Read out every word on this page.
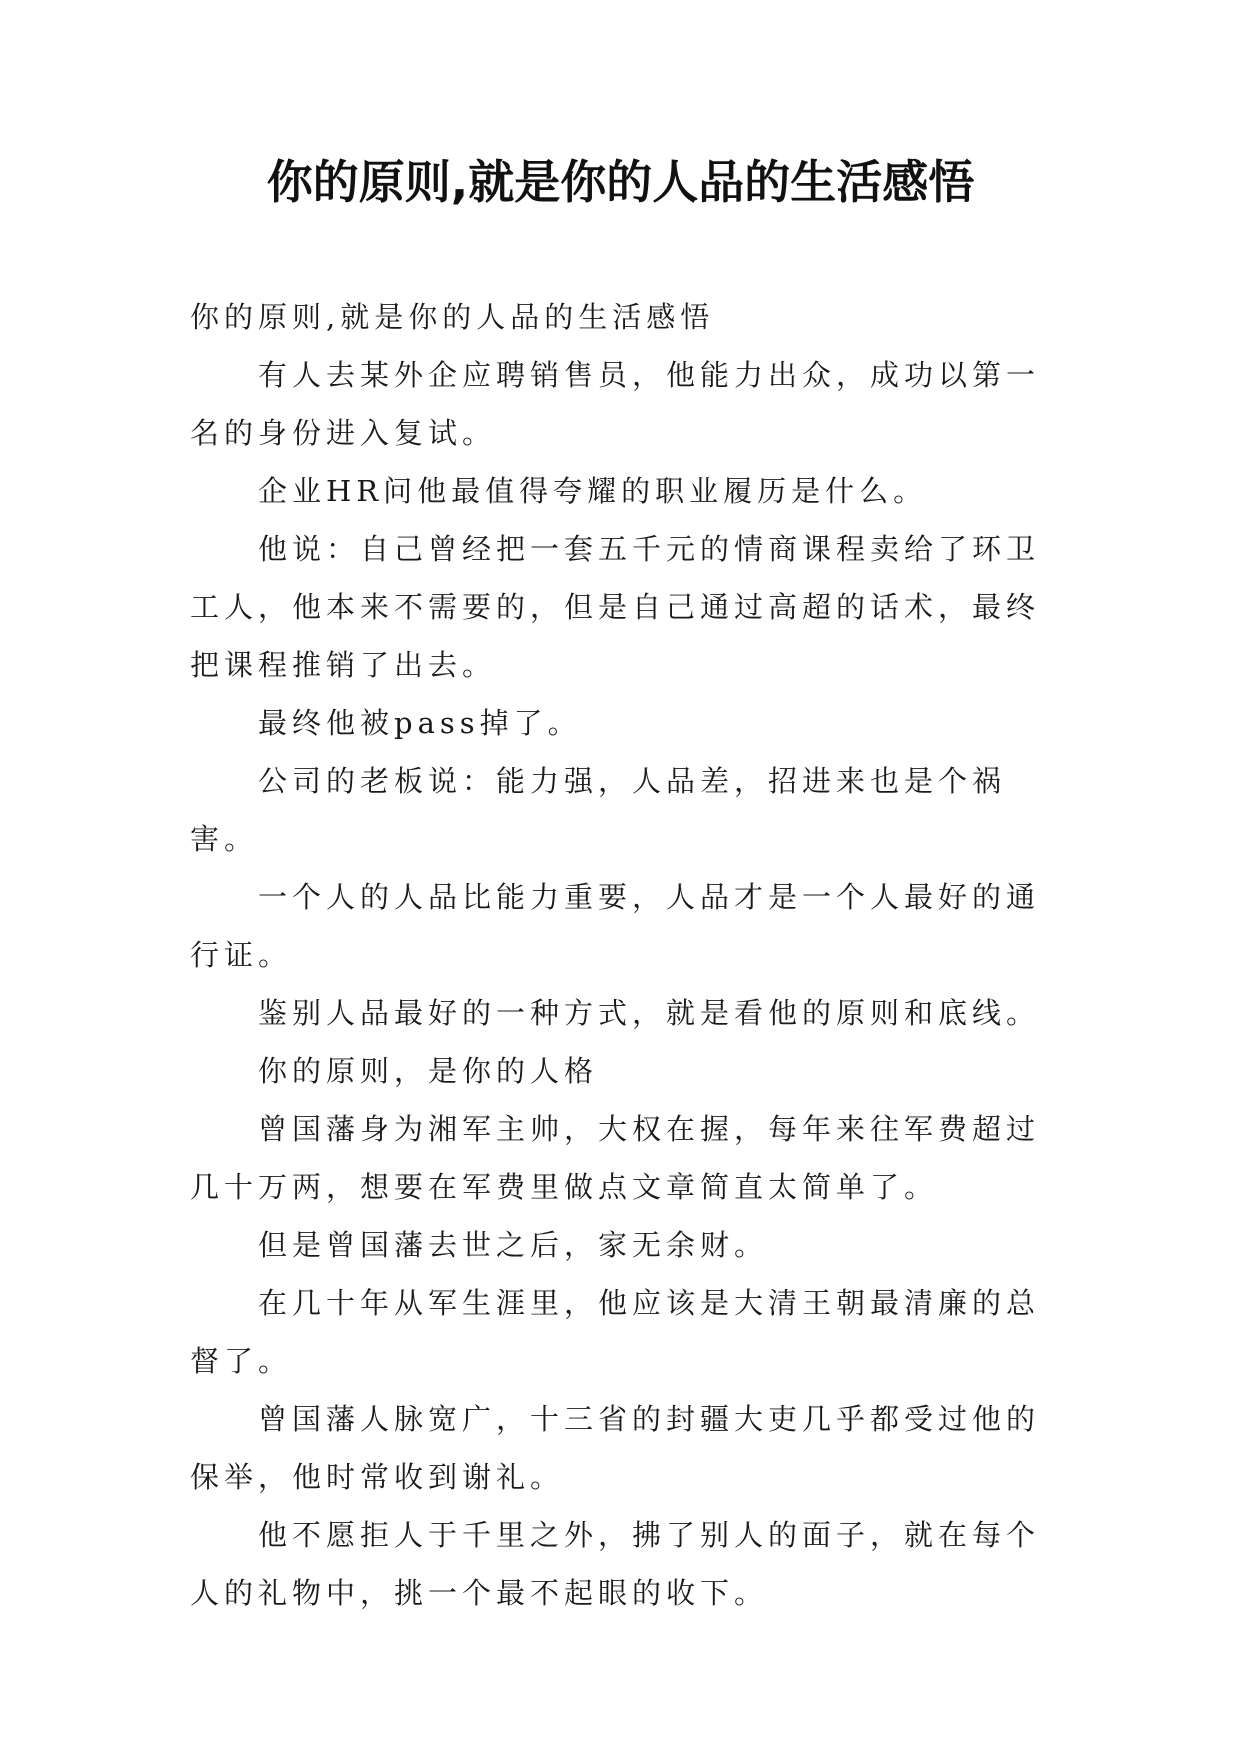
你的原则,就是你的人品的生活感悟

你的原则,就是你的人品的生活感悟

有人去某外企应聘销售员，他能力出众，成功以第一名的身份进入复试。

企业HR问他最值得夸耀的职业履历是什么。

他说：自己曾经把一套五千元的情商课程卖给了环卫工人，他本来不需要的，但是自己通过高超的话术，最终把课程推销了出去。

最终他被pass掉了。

公司的老板说：能力强，人品差，招进来也是个祸害。

一个人的人品比能力重要，人品才是一个人最好的通行证。

鉴别人品最好的一种方式，就是看他的原则和底线。

你的原则，是你的人格

曾国藩身为湘军主帅，大权在握，每年来往军费超过几十万两，想要在军费里做点文章简直太简单了。

但是曾国藩去世之后，家无余财。

在几十年从军生涯里，他应该是大清王朝最清廉的总督了。

曾国藩人脉宽广，十三省的封疆大吏几乎都受过他的保举，他时常收到谢礼。

他不愿拒人于千里之外，拂了别人的面子，就在每个人的礼物中，挑一个最不起眼的收下。
